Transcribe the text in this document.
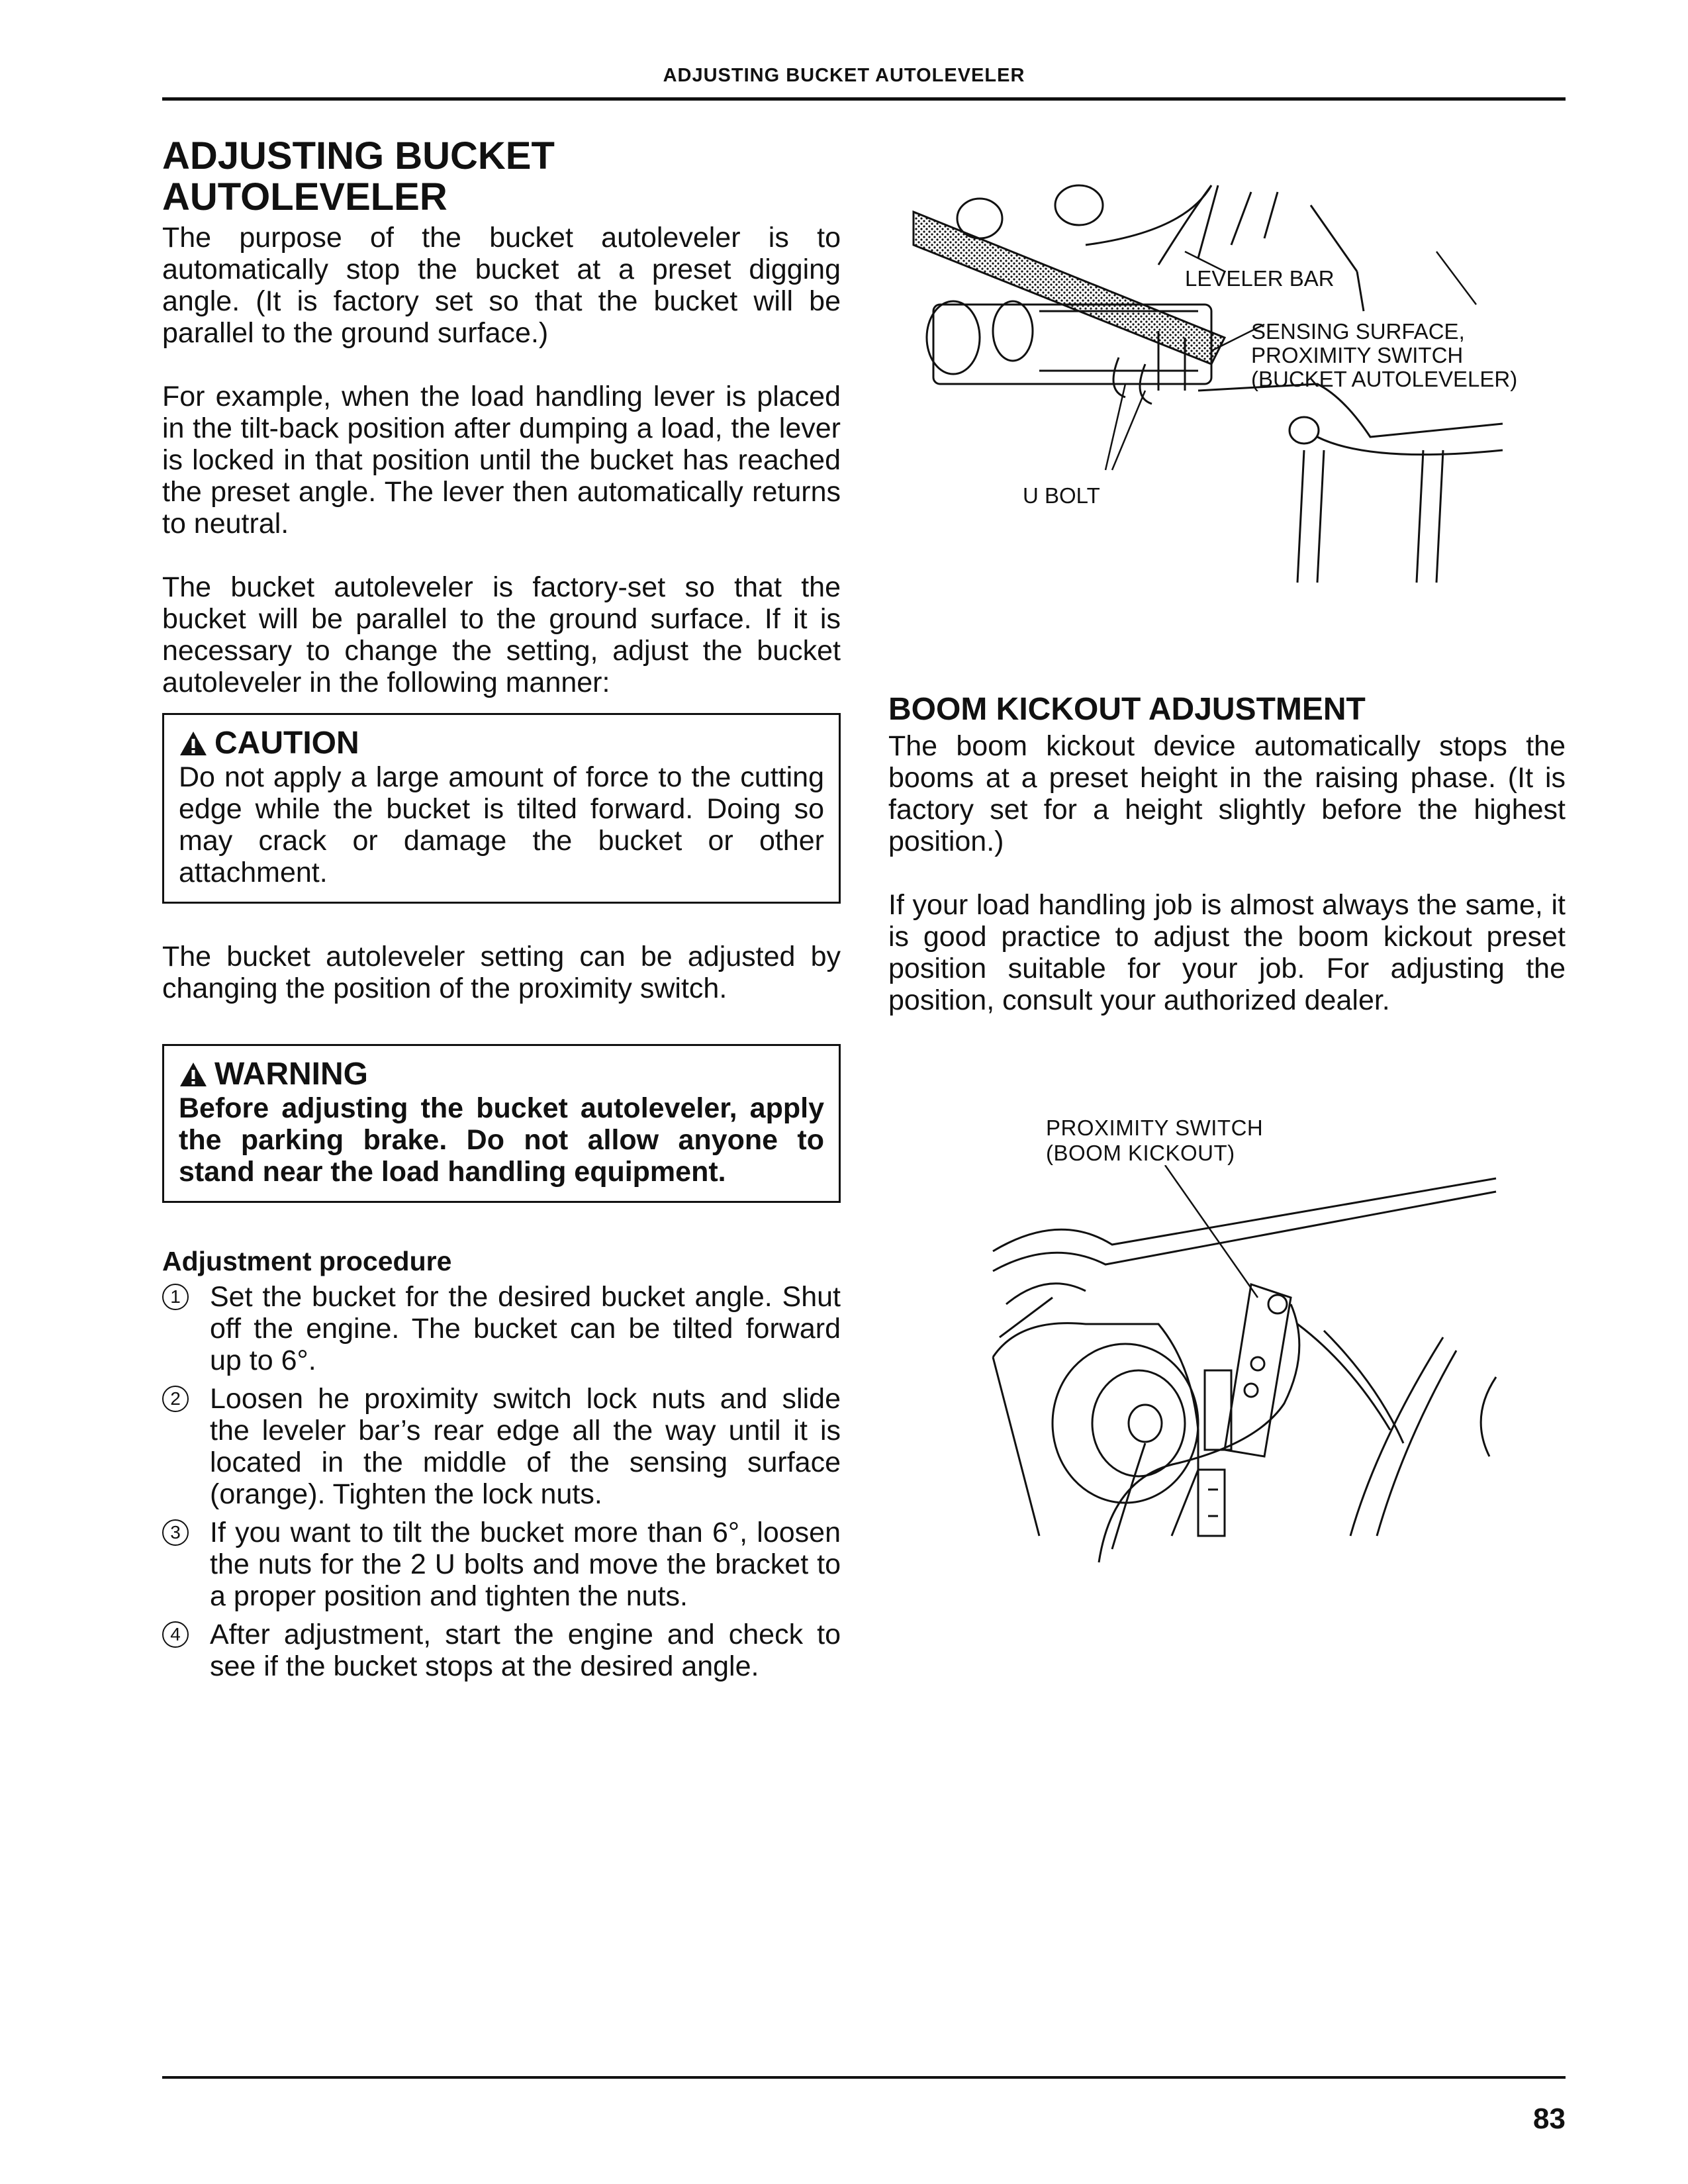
ADJUSTING BUCKET AUTOLEVELER
ADJUSTING BUCKET
AUTOLEVELER

The purpose of the bucket autoleveler is to automatically stop the bucket at a preset digging angle. (It is factory set so that the bucket will be parallel to the ground surface.)

For example, when the load handling lever is placed in the tilt-back position after dumping a load, the lever is locked in that position until the bucket has reached the preset angle. The lever then automatically returns to neutral.

The bucket autoleveler is factory-set so that the bucket will be parallel to the ground surface. If it is necessary to change the setting, adjust the bucket autoleveler in the following manner:

CAUTION

Do not apply a large amount of force to the cutting edge while the bucket is tilted forward. Doing so may crack or damage the bucket or other attachment.

The bucket autoleveler setting can be adjusted by changing the position of the proximity switch.

WARNING

Before adjusting the bucket autoleveler, apply the parking brake. Do not allow anyone to stand near the load handling equipment.

Adjustment procedure
1 Set the bucket for the desired bucket angle. Shut off the engine. The bucket can be tilted forward up to 6°.

2 Loosen he proximity switch lock nuts and slide the leveler bar’s rear edge all the way until it is located in the middle of the sensing surface (orange). Tighten the lock nuts.

3 If you want to tilt the bucket more than 6°, loosen the nuts for the 2 U bolts and move the bracket to a proper position and tighten the nuts.

4 After adjustment, start the engine and check to see if the bucket stops at the desired angle.

LEVELER BAR
SENSING SURFACE,
PROXIMITY SWITCH
(BUCKET AUTOLEVELER)
U BOLT
BOOM KICKOUT ADJUSTMENT

The boom kickout device automatically stops the booms at a preset height in the raising phase. (It is factory set for a height slightly before the highest position.)

If your load handling job is almost always the same, it is good practice to adjust the boom kickout preset position suitable for your job. For adjusting the position, consult your authorized dealer.

PROXIMITY SWITCH
(BOOM KICKOUT)
83
